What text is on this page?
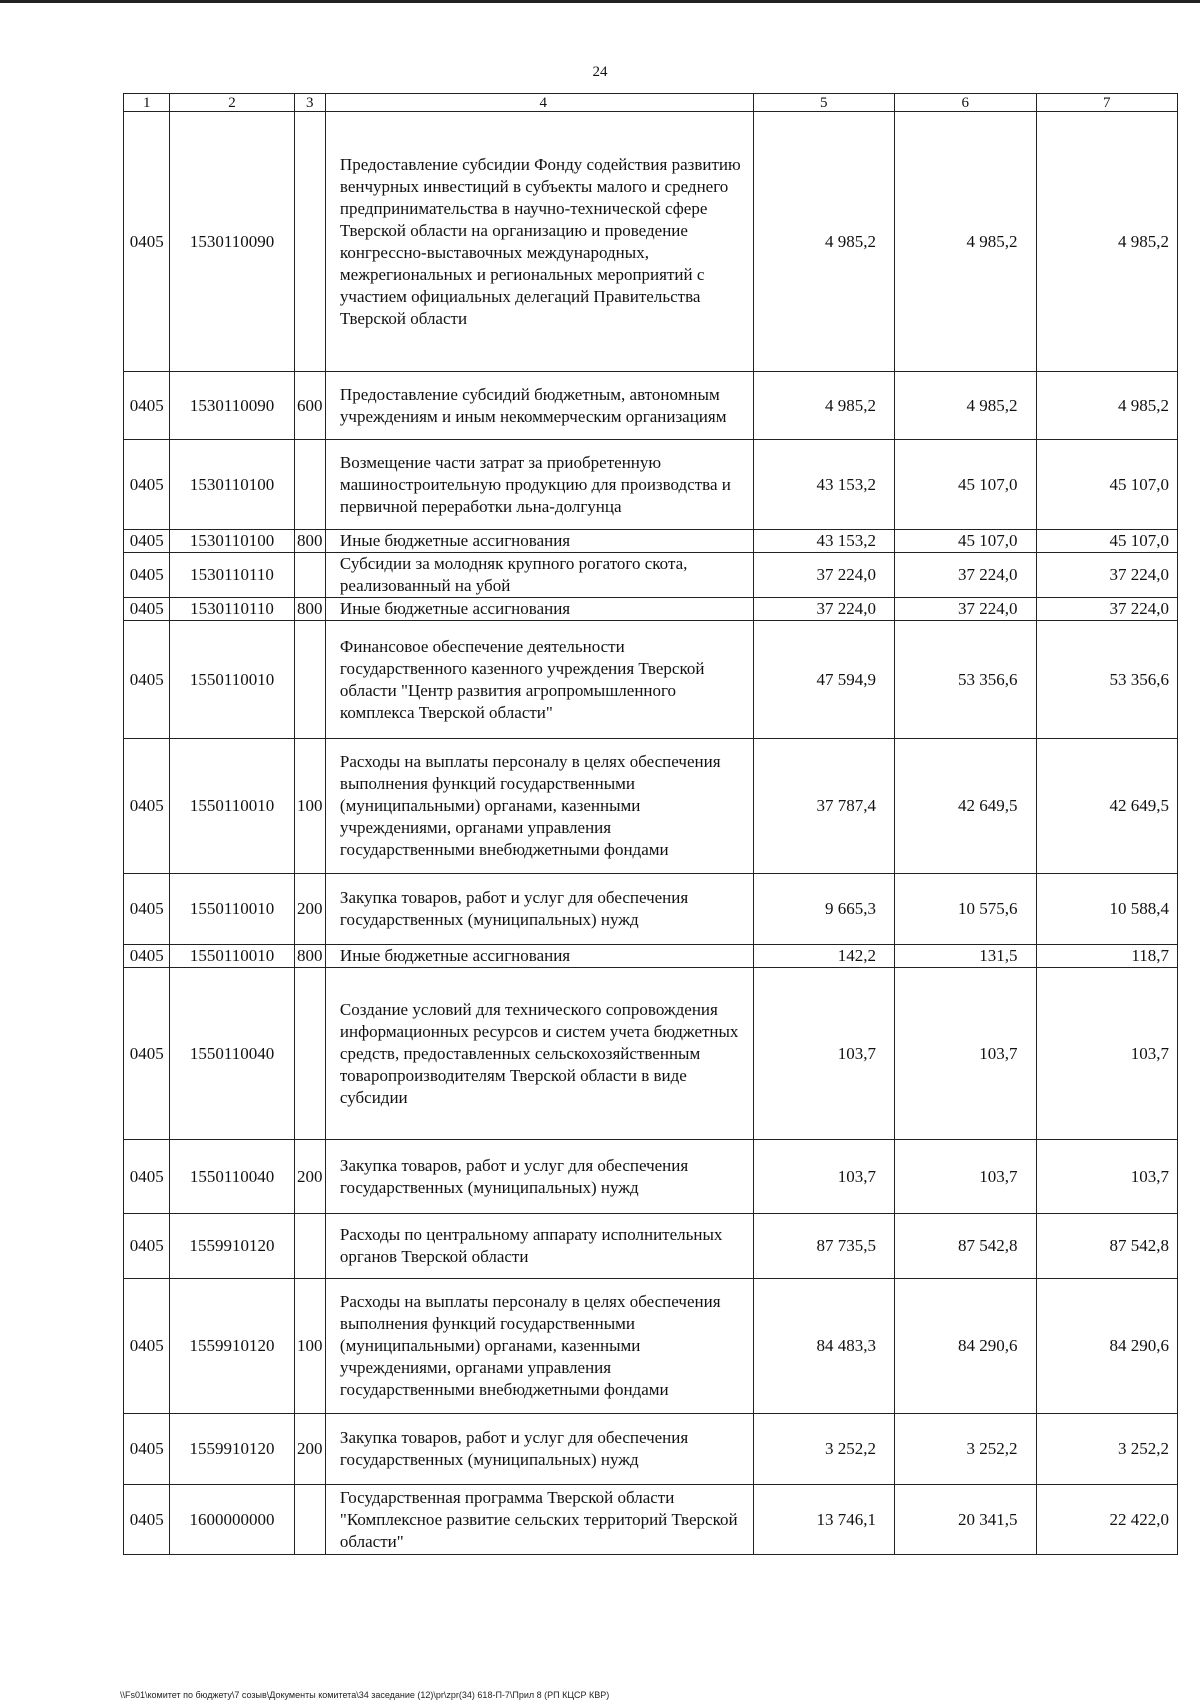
24
1	2	3	4	5	6	7
0405	1530110090		Предоставление субсидии Фонду содействия развитию венчурных инвестиций в субъекты малого и среднего предпринимательства в научно-технической сфере Тверской области на организацию и проведение конгрессно-выставочных международных, межрегиональных и региональных мероприятий с участием официальных делегаций Правительства Тверской области	4 985,2	4 985,2	4 985,2
0405	1530110090	600	Предоставление субсидий бюджетным, автономным учреждениям и иным некоммерческим организациям	4 985,2	4 985,2	4 985,2
0405	1530110100		Возмещение части затрат за приобретенную машиностроительную продукцию для производства и первичной переработки льна-долгунца	43 153,2	45 107,0	45 107,0
0405	1530110100	800	Иные бюджетные ассигнования	43 153,2	45 107,0	45 107,0
0405	1530110110		Субсидии за молодняк крупного рогатого скота, реализованный на убой	37 224,0	37 224,0	37 224,0
0405	1530110110	800	Иные бюджетные ассигнования	37 224,0	37 224,0	37 224,0
0405	1550110010		Финансовое обеспечение деятельности государственного казенного учреждения Тверской области "Центр развития агропромышленного комплекса Тверской области"	47 594,9	53 356,6	53 356,6
0405	1550110010	100	Расходы на выплаты персоналу в целях обеспечения выполнения функций государственными (муниципальными) органами, казенными учреждениями, органами управления государственными внебюджетными фондами	37 787,4	42 649,5	42 649,5
0405	1550110010	200	Закупка товаров, работ и услуг для обеспечения государственных (муниципальных) нужд	9 665,3	10 575,6	10 588,4
0405	1550110010	800	Иные бюджетные ассигнования	142,2	131,5	118,7
0405	1550110040		Создание условий для технического сопровождения информационных ресурсов и систем учета бюджетных средств, предоставленных сельскохозяйственным товаропроизводителям Тверской области в виде субсидии	103,7	103,7	103,7
0405	1550110040	200	Закупка товаров, работ и услуг для обеспечения государственных (муниципальных) нужд	103,7	103,7	103,7
0405	1559910120		Расходы по центральному аппарату исполнительных органов Тверской области	87 735,5	87 542,8	87 542,8
0405	1559910120	100	Расходы на выплаты персоналу в целях обеспечения выполнения функций государственными (муниципальными) органами, казенными учреждениями, органами управления государственными внебюджетными фондами	84 483,3	84 290,6	84 290,6
0405	1559910120	200	Закупка товаров, работ и услуг для обеспечения государственных (муниципальных) нужд	3 252,2	3 252,2	3 252,2
0405	1600000000		Государственная программа Тверской области "Комплексное развитие сельских территорий Тверской области"	13 746,1	20 341,5	22 422,0
\\Fs01\комитет по бюджету\7 созыв\Документы комитета\34 заседание (12)\pr\zpr(34) 618-П-7\Прил 8 (РП КЦСР КВР)
